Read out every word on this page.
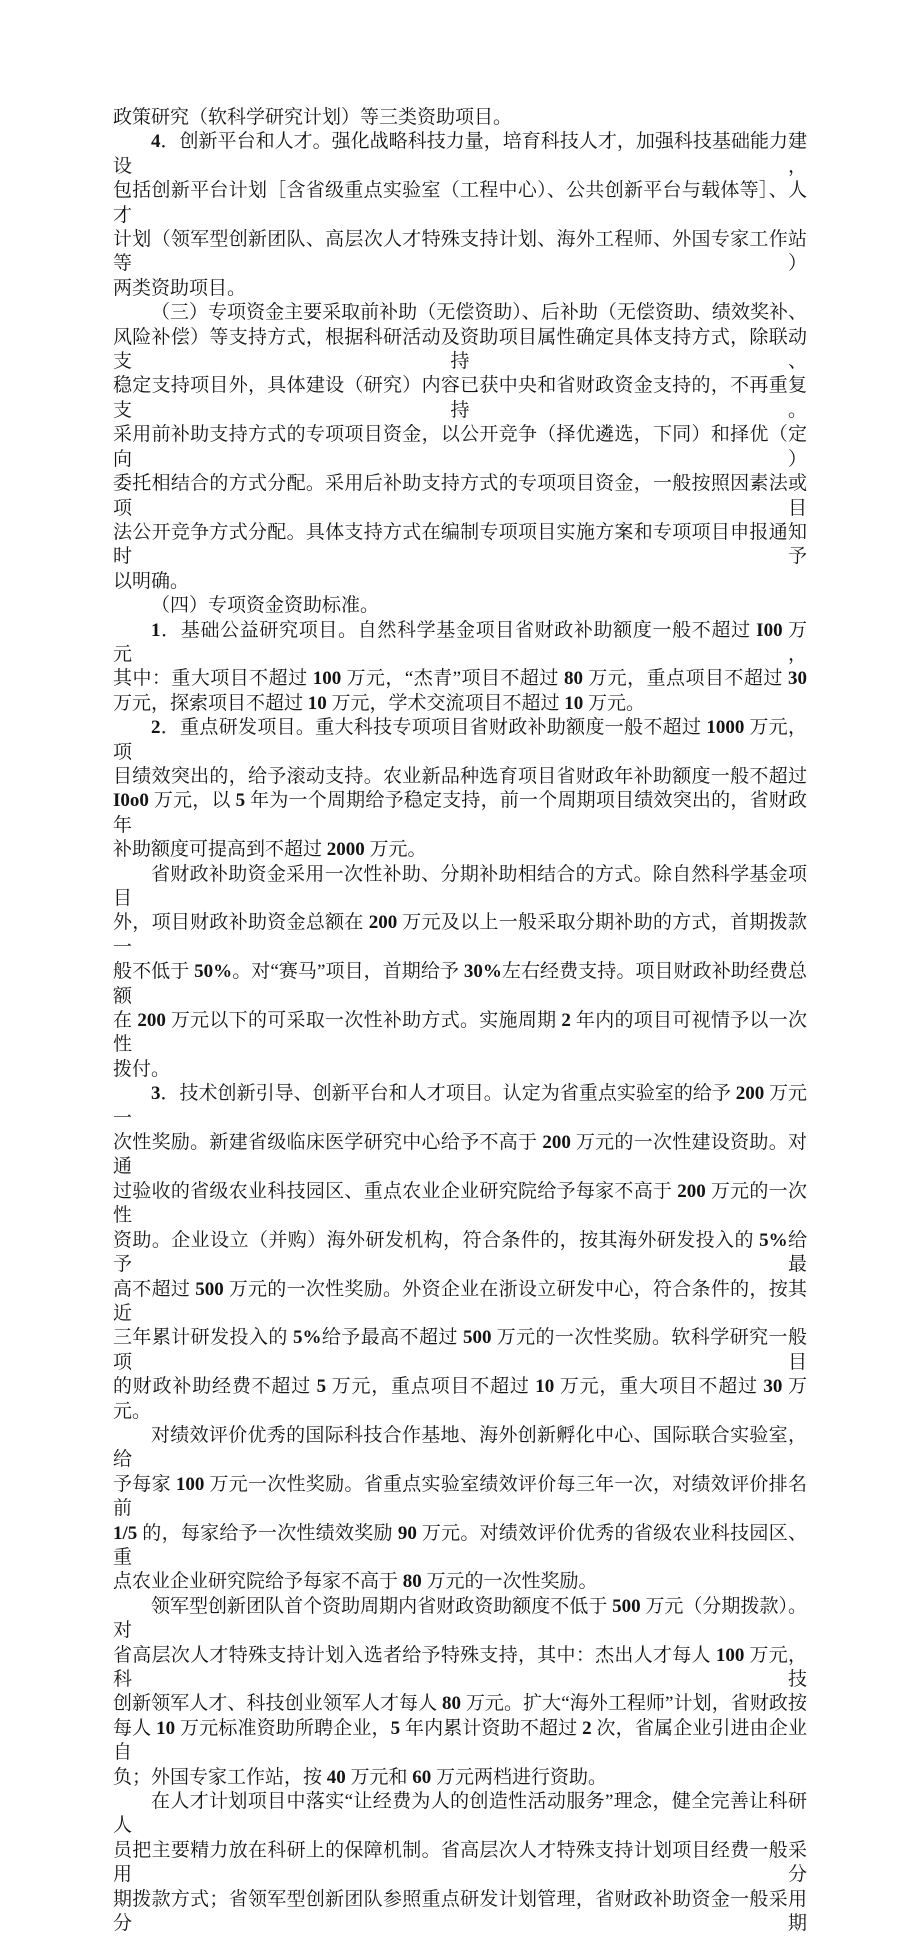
政策研究（软科学研究计划）等三类资助项目。
4．创新平台和人才。强化战略科技力量，培育科技人才，加强科技基础能力建设，
包括创新平台计划［含省级重点实验室（工程中心）、公共创新平台与载体等］、人才
计划（领军型创新团队、高层次人才特殊支持计划、海外工程师、外国专家工作站等）
两类资助项目。
（三）专项资金主要采取前补助（无偿资助）、后补助（无偿资助、绩效奖补、
风险补偿）等支持方式，根据科研活动及资助项目属性确定具体支持方式，除联动支持、
稳定支持项目外，具体建设（研究）内容已获中央和省财政资金支持的，不再重复支持。
采用前补助支持方式的专项项目资金，以公开竞争（择优遴选，下同）和择优（定向）
委托相结合的方式分配。采用后补助支持方式的专项项目资金，一般按照因素法或项目
法公开竞争方式分配。具体支持方式在编制专项项目实施方案和专项项目申报通知时予
以明确。
（四）专项资金资助标准。
1．基础公益研究项目。自然科学基金项目省财政补助额度一般不超过 I00 万元，
其中：重大项目不超过 100 万元，“杰青”项目不超过 80 万元，重点项目不超过 30
万元，探索项目不超过 10 万元，学术交流项目不超过 10 万元。
2．重点研发项目。重大科技专项项目省财政补助额度一般不超过 1000 万元，项
目绩效突出的，给予滚动支持。农业新品种选育项目省财政年补助额度一般不超过
I0o0 万元，以 5 年为一个周期给予稳定支持，前一个周期项目绩效突出的，省财政年
补助额度可提高到不超过 2000 万元。
省财政补助资金采用一次性补助、分期补助相结合的方式。除自然科学基金项目
外，项目财政补助资金总额在 200 万元及以上一般采取分期补助的方式，首期拨款一
般不低于 50%。对“赛马”项目，首期给予 30%左右经费支持。项目财政补助经费总额
在 200 万元以下的可采取一次性补助方式。实施周期 2 年内的项目可视情予以一次性
拨付。
3．技术创新引导、创新平台和人才项目。认定为省重点实验室的给予 200 万元一
次性奖励。新建省级临床医学研究中心给予不高于 200 万元的一次性建设资助。对通
过验收的省级农业科技园区、重点农业企业研究院给予每家不高于 200 万元的一次性
资助。企业设立（并购）海外研发机构，符合条件的，按其海外研发投入的 5%给予最
高不超过 500 万元的一次性奖励。外资企业在浙设立研发中心，符合条件的，按其近
三年累计研发投入的 5%给予最高不超过 500 万元的一次性奖励。软科学研究一般项目
的财政补助经费不超过 5 万元，重点项目不超过 10 万元，重大项目不超过 30 万元。
对绩效评价优秀的国际科技合作基地、海外创新孵化中心、国际联合实验室，给
予每家 100 万元一次性奖励。省重点实验室绩效评价每三年一次，对绩效评价排名前
1/5 的，每家给予一次性绩效奖励 90 万元。对绩效评价优秀的省级农业科技园区、重
点农业企业研究院给予每家不高于 80 万元的一次性奖励。
领军型创新团队首个资助周期内省财政资助额度不低于 500 万元（分期拨款）。对
省高层次人才特殊支持计划入选者给予特殊支持，其中：杰出人才每人 100 万元，科技
创新领军人才、科技创业领军人才每人 80 万元。扩大“海外工程师”计划，省财政按
每人 10 万元标准资助所聘企业，5 年内累计资助不超过 2 次，省属企业引进由企业自
负；外国专家工作站，按 40 万元和 60 万元两档进行资助。
在人才计划项目中落实“让经费为人的创造性活动服务”理念，健全完善让科研人
员把主要精力放在科研上的保障机制。省高层次人才特殊支持计划项目经费一般采用分
期拨款方式；省领军型创新团队参照重点研发计划管理，省财政补助资金一般采用分期
